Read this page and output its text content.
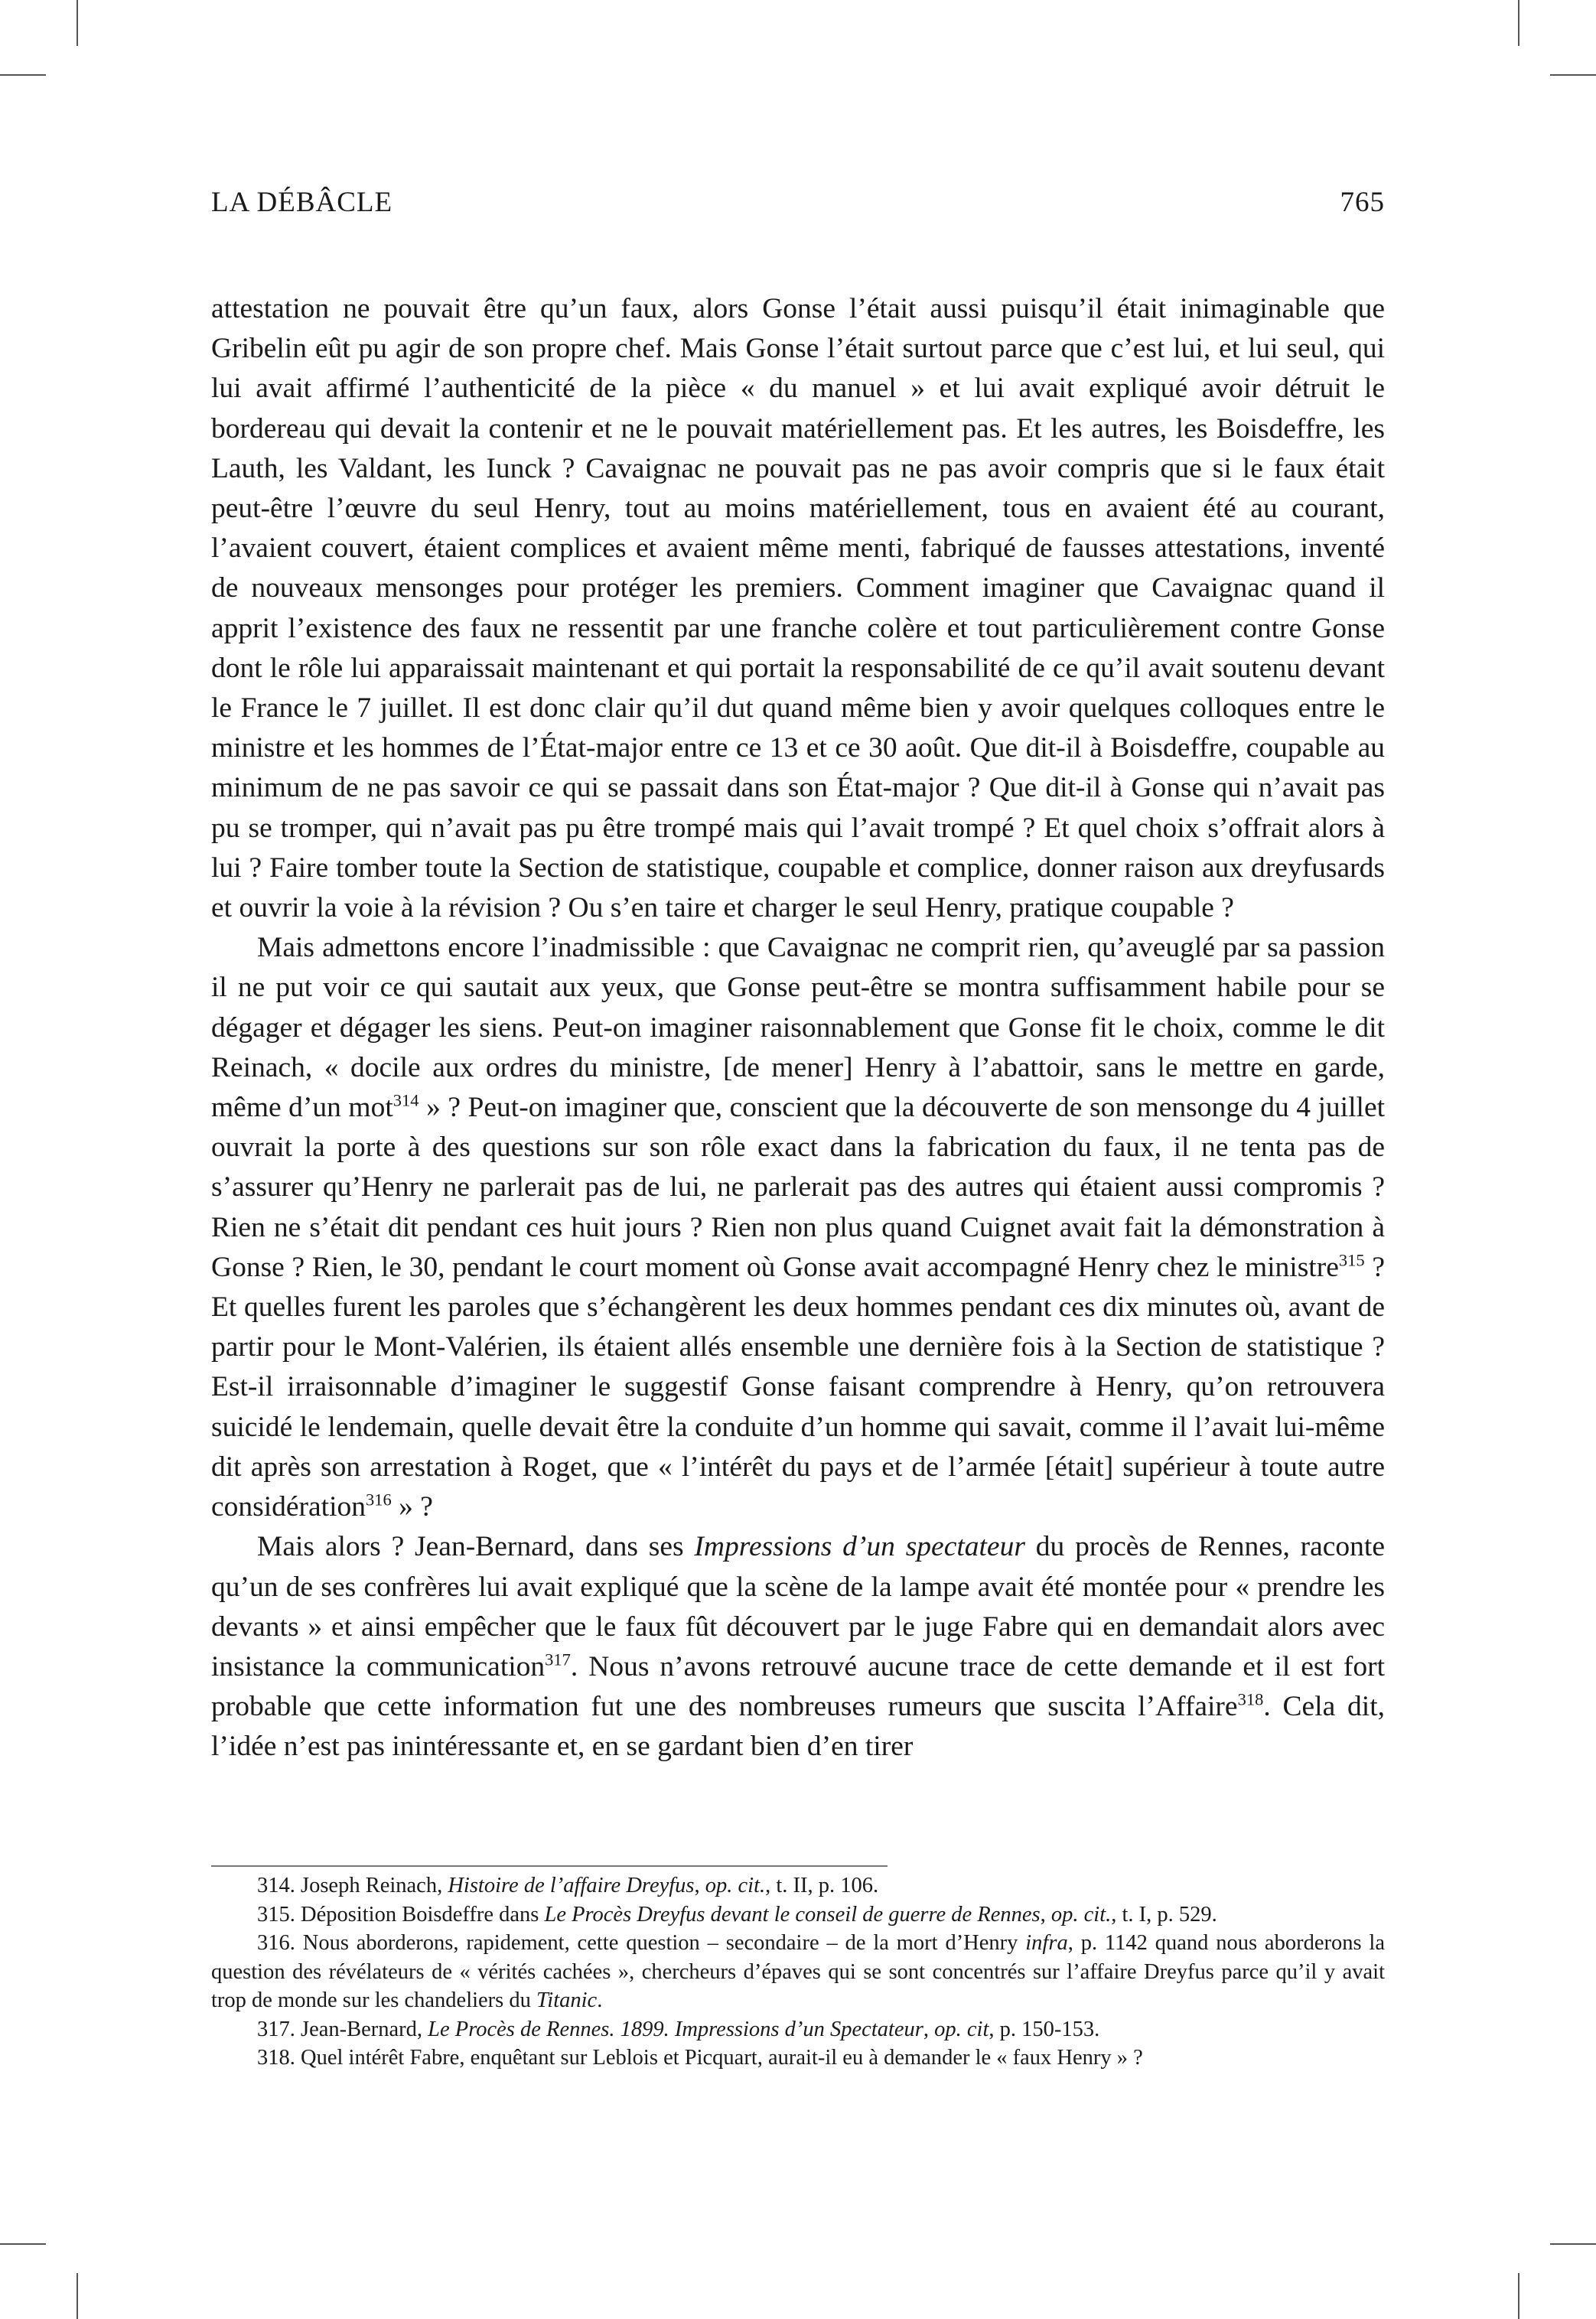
LA DÉBÂCLE	765

attestation ne pouvait être qu’un faux, alors Gonse l’était aussi puisqu’il était inimaginable que Gribelin eût pu agir de son propre chef. Mais Gonse l’était surtout parce que c’est lui, et lui seul, qui lui avait affirmé l’authenticité de la pièce « du manuel » et lui avait expliqué avoir détruit le bordereau qui devait la contenir et ne le pouvait matériellement pas. Et les autres, les Boisdeffre, les Lauth, les Valdant, les Iunck ? Cavaignac ne pouvait pas ne pas avoir compris que si le faux était peut-être l’œuvre du seul Henry, tout au moins matériellement, tous en avaient été au courant, l’avaient couvert, étaient complices et avaient même menti, fabriqué de fausses attestations, inventé de nouveaux mensonges pour protéger les premiers. Comment imaginer que Cavaignac quand il apprit l’existence des faux ne ressentit par une franche colère et tout particulièrement contre Gonse dont le rôle lui apparaissait maintenant et qui portait la responsabilité de ce qu’il avait soutenu devant le France le 7 juillet. Il est donc clair qu’il dut quand même bien y avoir quelques colloques entre le ministre et les hommes de l’État-major entre ce 13 et ce 30 août. Que dit-il à Boisdeffre, coupable au minimum de ne pas savoir ce qui se passait dans son État-major ? Que dit-il à Gonse qui n’avait pas pu se tromper, qui n’avait pas pu être trompé mais qui l’avait trompé ? Et quel choix s’offrait alors à lui ? Faire tomber toute la Section de statistique, coupable et complice, donner raison aux dreyfusards et ouvrir la voie à la révision ? Ou s’en taire et charger le seul Henry, pratique coupable ?

Mais admettons encore l’inadmissible : que Cavaignac ne comprit rien, qu’aveuglé par sa passion il ne put voir ce qui sautait aux yeux, que Gonse peut-être se montra suffisamment habile pour se dégager et dégager les siens. Peut-on imaginer raisonnablement que Gonse fit le choix, comme le dit Reinach, « docile aux ordres du ministre, [de mener] Henry à l’abattoir, sans le mettre en garde, même d’un mot$^{314}$ » ? Peut-on imaginer que, conscient que la découverte de son mensonge du 4 juillet ouvrait la porte à des questions sur son rôle exact dans la fabrication du faux, il ne tenta pas de s’assurer qu’Henry ne parlerait pas de lui, ne parlerait pas des autres qui étaient aussi compromis ? Rien ne s’était dit pendant ces huit jours ? Rien non plus quand Cuignet avait fait la démonstration à Gonse ? Rien, le 30, pendant le court moment où Gonse avait accompagné Henry chez le ministre$^{315}$ ? Et quelles furent les paroles que s’échangèrent les deux hommes pendant ces dix minutes où, avant de partir pour le Mont-Valérien, ils étaient allés ensemble une dernière fois à la Section de statistique ? Est-il irraisonnable d’imaginer le suggestif Gonse faisant comprendre à Henry, qu’on retrouvera suicidé le lendemain, quelle devait être la conduite d’un homme qui savait, comme il l’avait lui-même dit après son arrestation à Roget, que « l’intérêt du pays et de l’armée [était] supérieur à toute autre considération$^{316}$ » ?

Mais alors ? Jean-Bernard, dans ses Impressions d’un spectateur du procès de Rennes, raconte qu’un de ses confrères lui avait expliqué que la scène de la lampe avait été montée pour « prendre les devants » et ainsi empêcher que le faux fût découvert par le juge Fabre qui en demandait alors avec insistance la communication$^{317}$. Nous n’avons retrouvé aucune trace de cette demande et il est fort probable que cette information fut une des nombreuses rumeurs que suscita l’Affaire$^{318}$. Cela dit, l’idée n’est pas inintéressante et, en se gardant bien d’en tirer

314. Joseph Reinach, Histoire de l’affaire Dreyfus, op. cit., t. II, p. 106.

315. Déposition Boisdeffre dans Le Procès Dreyfus devant le conseil de guerre de Rennes, op. cit., t. I, p. 529.

316. Nous aborderons, rapidement, cette question – secondaire – de la mort d’Henry infra, p. 1142 quand nous aborderons la question des révélateurs de « vérités cachées », chercheurs d’épaves qui se sont concentrés sur l’affaire Dreyfus parce qu’il y avait trop de monde sur les chandeliers du Titanic.

317. Jean-Bernard, Le Procès de Rennes. 1899. Impressions d’un Spectateur, op. cit, p. 150-153.

318. Quel intérêt Fabre, enquêtant sur Leblois et Picquart, aurait-il eu à demander le « faux Henry » ?
